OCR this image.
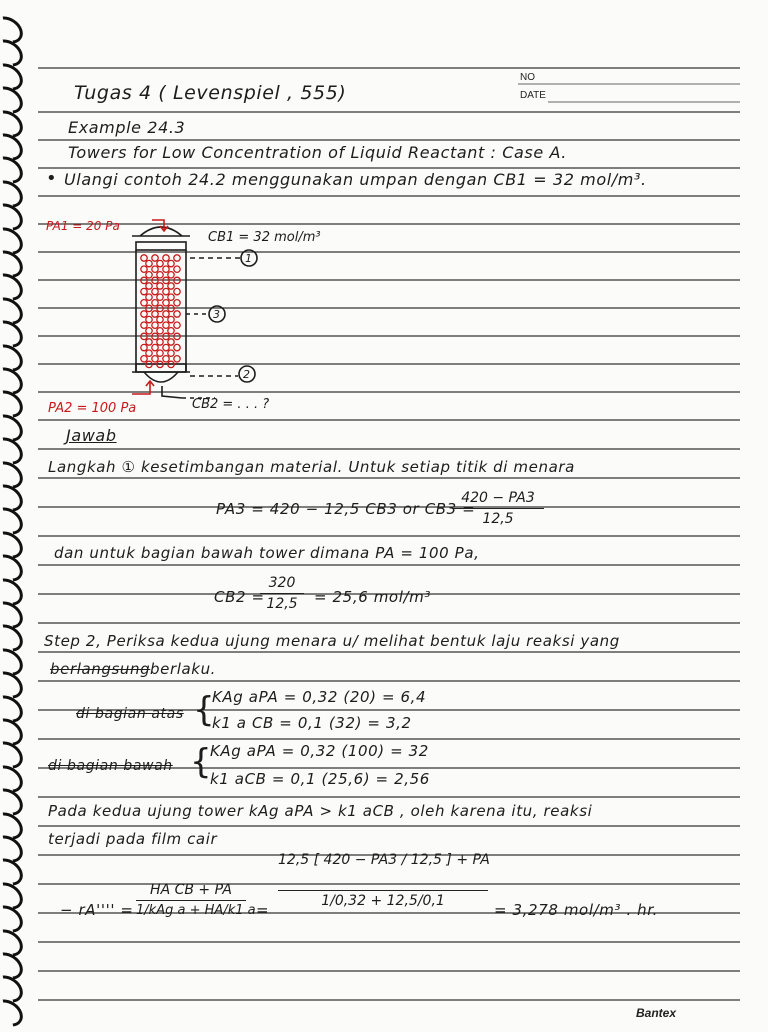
NO
DATE
Tugas 4 ( Levenspiel , 555)
Example 24.3
Towers for Low Concentration of Liquid Reactant : Case A.
• Ulangi contoh 24.2 menggunakan umpan dengan CB1 = 32 mol/m³.
CB1 = 32 mol/m³
PA1 = 20 Pa
1
3
2
PA2 = 100 Pa	CB2 = . . . ?
Jawab
Langkah ① kesetimbangan material. Untuk setiap titik di menara
PA3 = 420 − 12,5 CB3 or CB3 =
420 − PA3
12,5
dan untuk bagian bawah tower dimana PA = 100 Pa,
CB2 =
320
12,5	= 25,6 mol/m³
Step 2, Periksa kedua ujung menara u/ melihat bentuk laju reaksi yang
berlangsung berlaku.
di bagian atas {
KAg aPA = 0,32 (20) = 6,4
k1 a CB = 0,1 (32) = 3,2
di bagian bawah {
KAg aPA = 0,32 (100) = 32
k1 aCB = 0,1 (25,6) = 2,56
Pada kedua ujung tower kAg aPA > k1 aCB , oleh karena itu, reaksi
terjadi pada film cair
− rA'''' =
HA CB + PA
1/kAg a + HA/k1 a =
12,5 [ 420 − PA3 / 12,5 ] + PA
1/0,32 + 12,5/0,1	= 3,278 mol/m³ . hr.
Bantex
